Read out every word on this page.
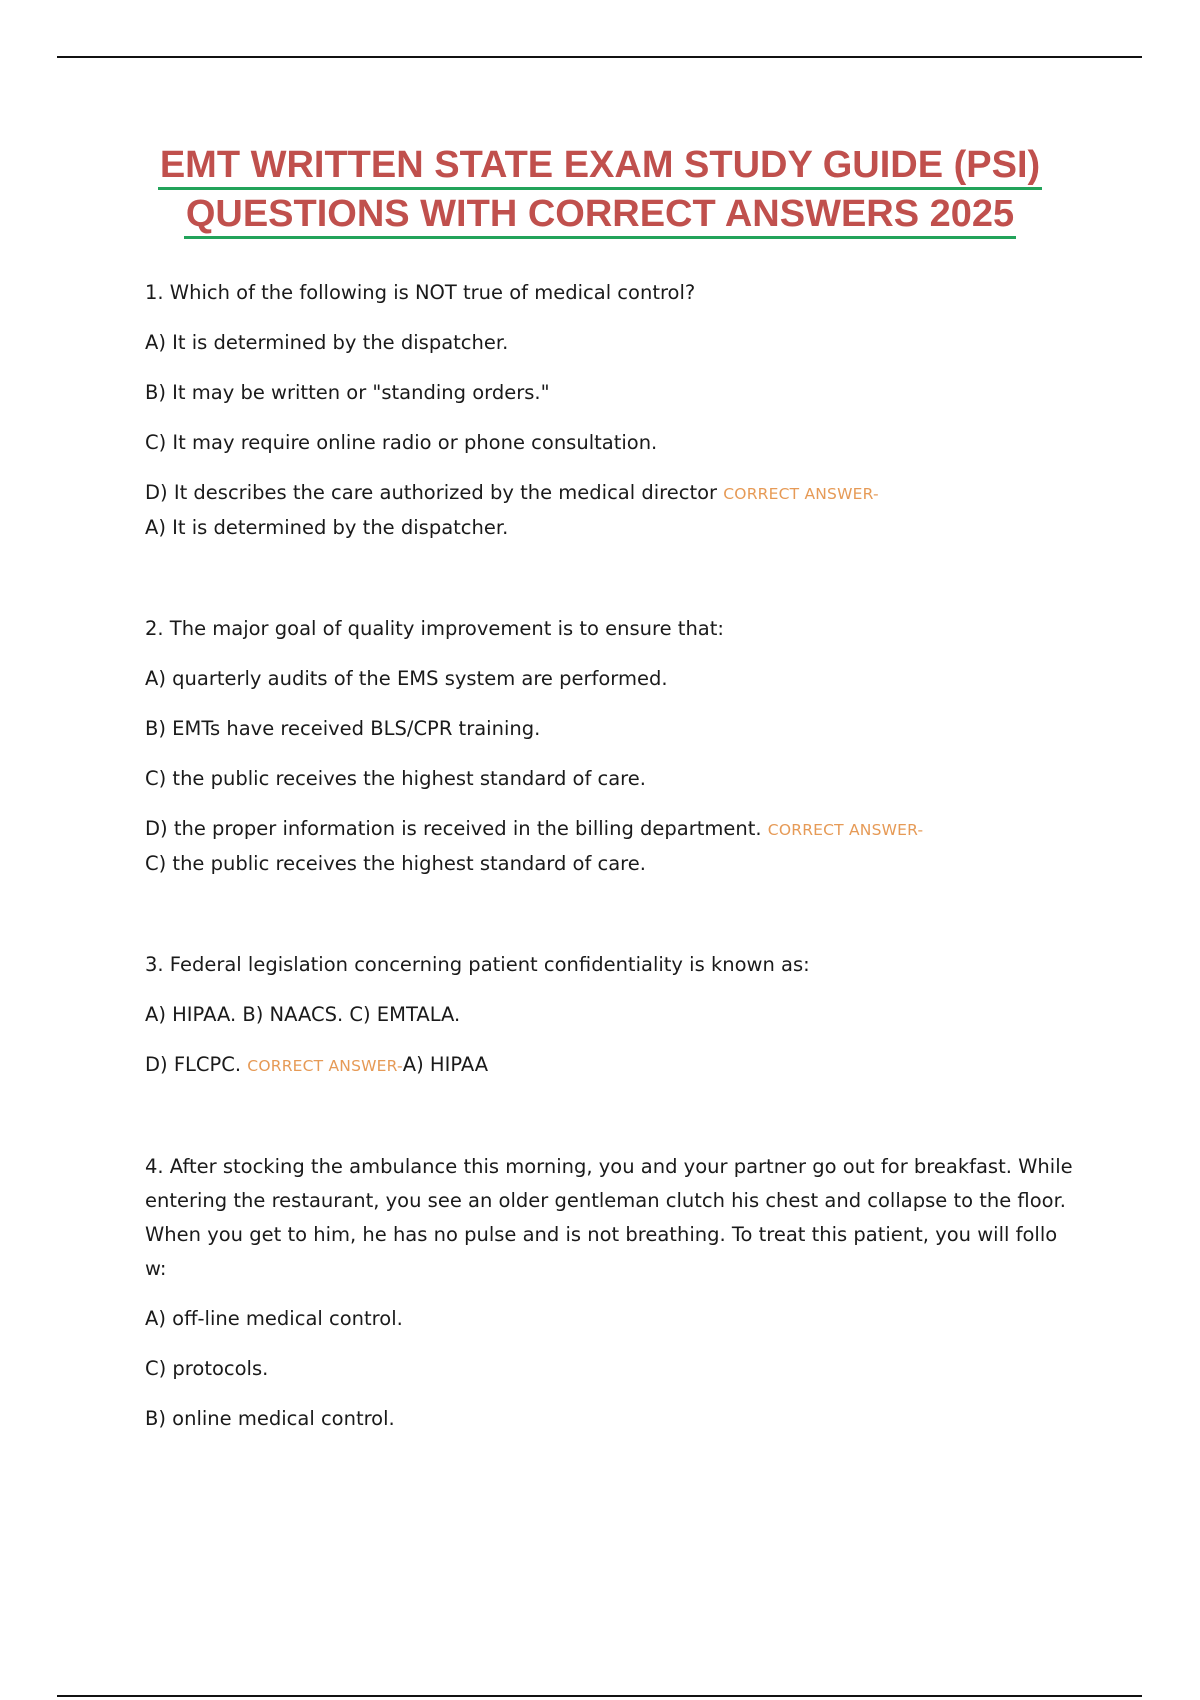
EMT WRITTEN STATE EXAM STUDY GUIDE (PSI)
QUESTIONS WITH CORRECT ANSWERS 2025

1. Which of the following is NOT true of medical control?

A) It is determined by the dispatcher.

B) It may be written or "standing orders."

C) It may require online radio or phone consultation.

D) It describes the care authorized by the medical director CORRECT ANSWER-

A) It is determined by the dispatcher.

2. The major goal of quality improvement is to ensure that:

A) quarterly audits of the EMS system are performed.

B) EMTs have received BLS/CPR training.

C) the public receives the highest standard of care.

D) the proper information is received in the billing department. CORRECT ANSWER-

C) the public receives the highest standard of care.

3. Federal legislation concerning patient confidentiality is known as:

A) HIPAA. B) NAACS. C) EMTALA.

D) FLCPC. CORRECT ANSWER-A) HIPAA

4. After stocking the ambulance this morning, you and your partner go out for breakfast. While entering the restaurant, you see an older gentleman clutch his chest and collapse to the floor. When you get to him, he has no pulse and is not breathing. To treat this patient, you will follow:

A) off-line medical control.

C) protocols.

B) online medical control.
